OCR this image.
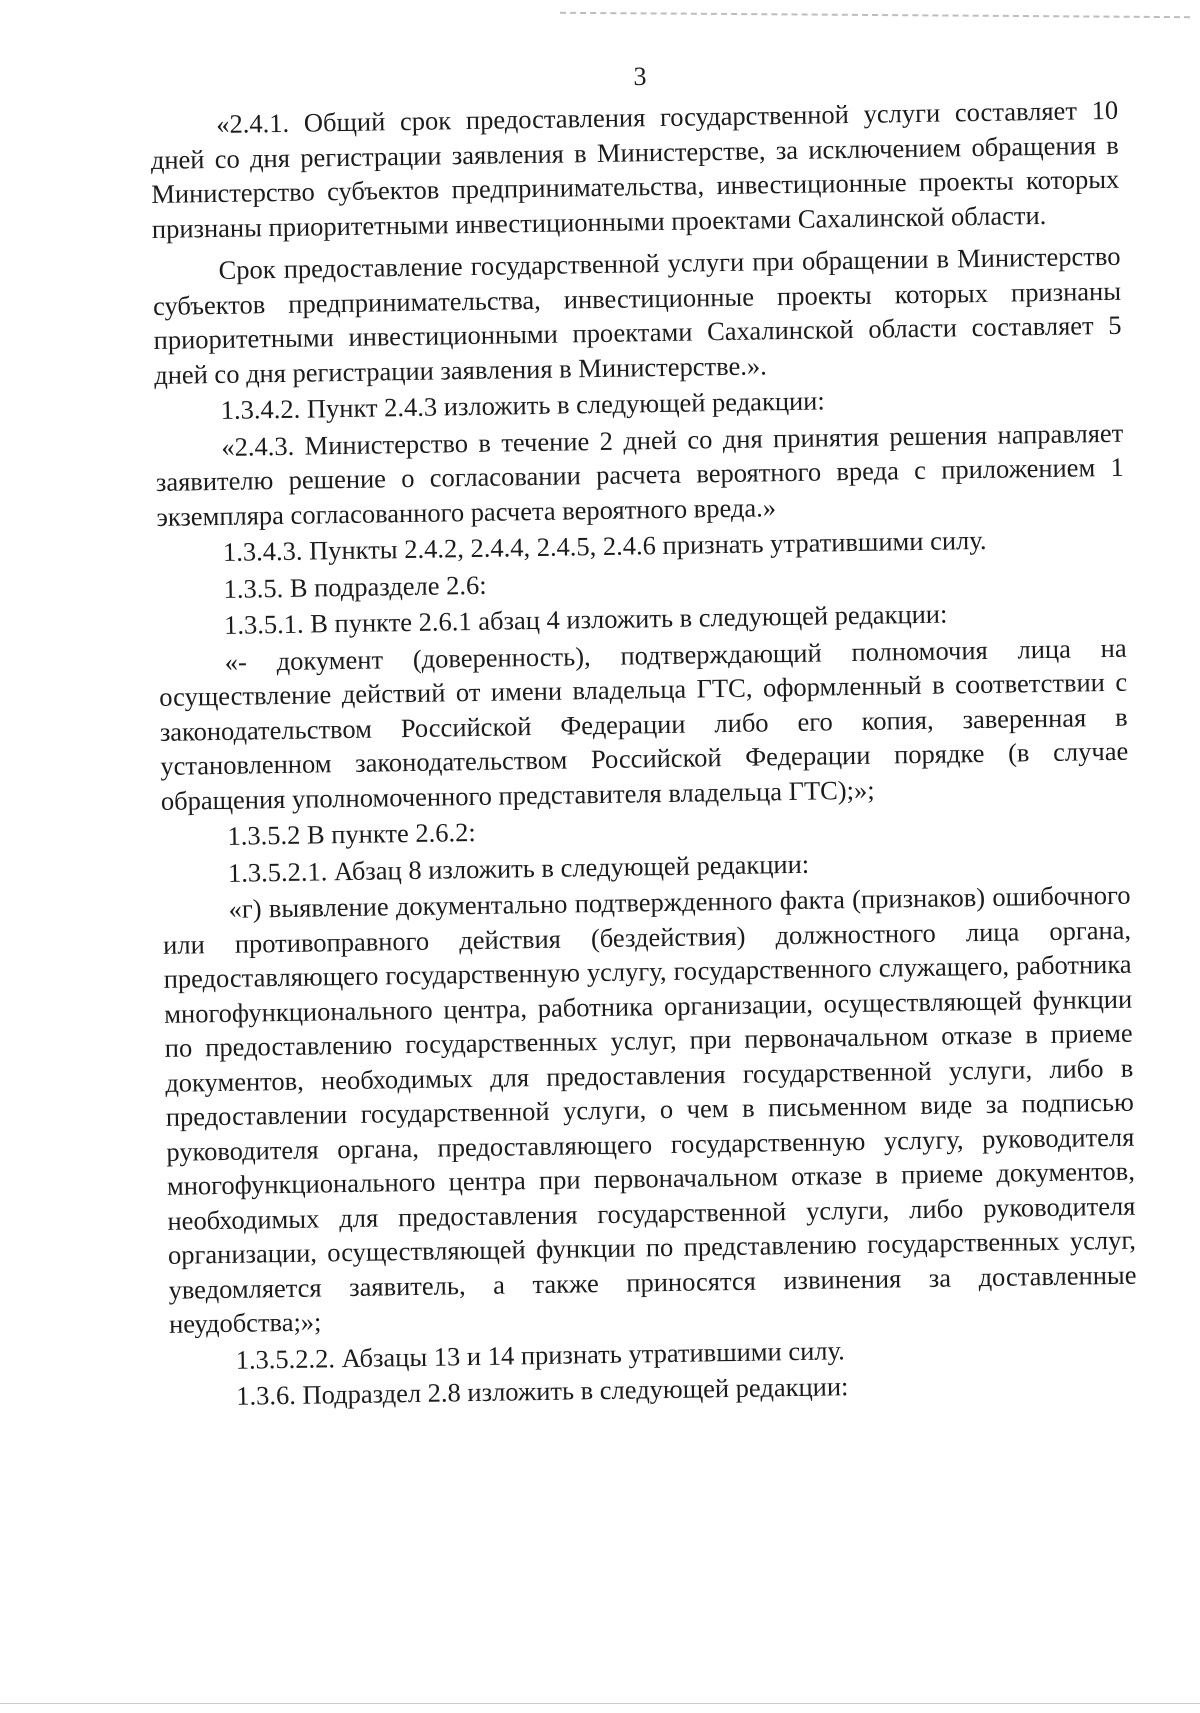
3

«2.4.1. Общий срок предоставления государственной услуги составляет 10 дней со дня регистрации заявления в Министерстве, за исключением обращения в Министерство субъектов предпринимательства, инвестиционные проекты которых признаны приоритетными инвестиционными проектами Сахалинской области.

Срок предоставление государственной услуги при обращении в Министерство субъектов предпринимательства, инвестиционные проекты которых признаны приоритетными инвестиционными проектами Сахалинской области составляет 5 дней со дня регистрации заявления в Министерстве.».

1.3.4.2. Пункт 2.4.3 изложить в следующей редакции:

«2.4.3. Министерство в течение 2 дней со дня принятия решения направляет заявителю решение о согласовании расчета вероятного вреда с приложением 1 экземпляра согласованного расчета вероятного вреда.»

1.3.4.3. Пункты 2.4.2, 2.4.4, 2.4.5, 2.4.6 признать утратившими силу.

1.3.5. В подразделе 2.6:

1.3.5.1. В пункте 2.6.1 абзац 4 изложить в следующей редакции:

«- документ (доверенность), подтверждающий полномочия лица на осуществление действий от имени владельца ГТС, оформленный в соответствии с законодательством Российской Федерации либо его копия, заверенная в установленном законодательством Российской Федерации порядке (в случае обращения уполномоченного представителя владельца ГТС);»;

1.3.5.2 В пункте 2.6.2:

1.3.5.2.1. Абзац 8 изложить в следующей редакции:

«г) выявление документально подтвержденного факта (признаков) ошибочного или противоправного действия (бездействия) должностного лица органа, предоставляющего государственную услугу, государственного служащего, работника многофункционального центра, работника организации, осуществляющей функции по предоставлению государственных услуг, при первоначальном отказе в приеме документов, необходимых для предоставления государственной услуги, либо в предоставлении государственной услуги, о чем в письменном виде за подписью руководителя органа, предоставляющего государственную услугу, руководителя многофункционального центра при первоначальном отказе в приеме документов, необходимых для предоставления государственной услуги, либо руководителя организации, осуществляющей функции по представлению государственных услуг, уведомляется заявитель, а также приносятся извинения за доставленные неудобства;»;

1.3.5.2.2. Абзацы 13 и 14 признать утратившими силу.

1.3.6. Подраздел 2.8 изложить в следующей редакции:
